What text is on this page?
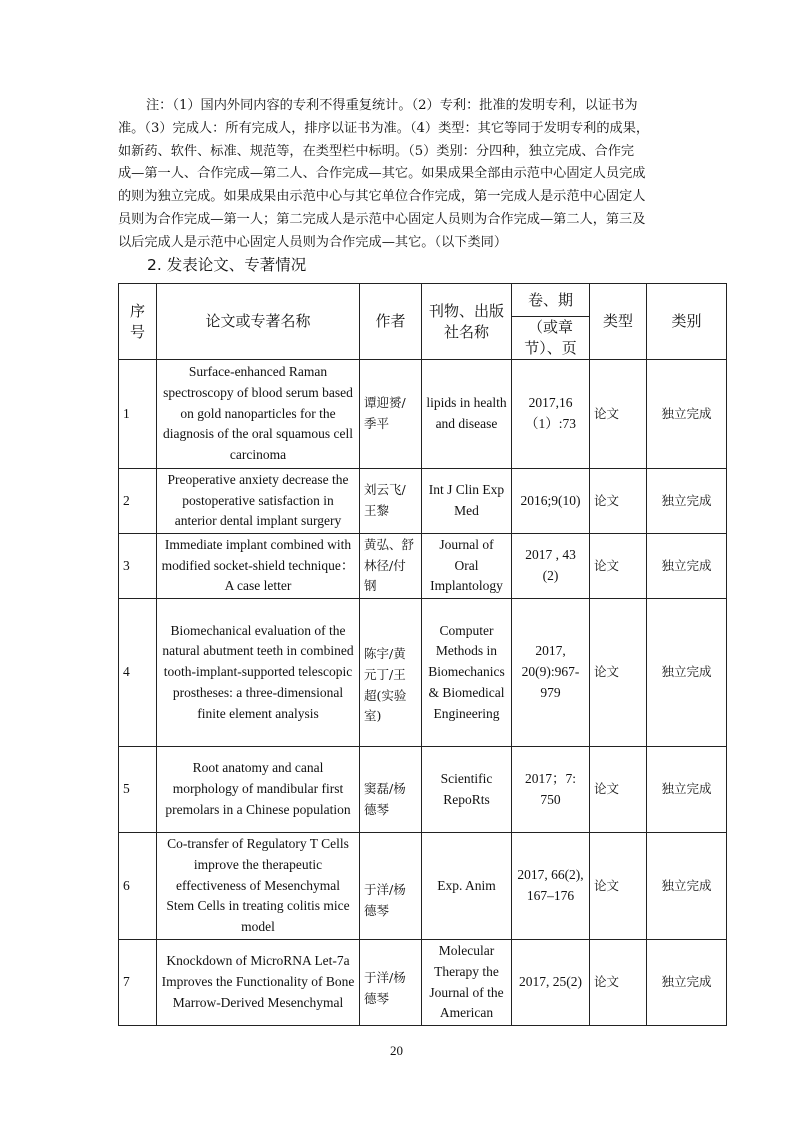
注：（1）国内外同内容的专利不得重复统计。（2）专利：批准的发明专利，以证书为

准。（3）完成人：所有完成人，排序以证书为准。（4）类型：其它等同于发明专利的成果，

如新药、软件、标准、规范等，在类型栏中标明。（5）类别：分四种，独立完成、合作完

成—第一人、合作完成—第二人、合作完成—其它。如果成果全部由示范中心固定人员完成

的则为独立完成。如果成果由示范中心与其它单位合作完成，第一完成人是示范中心固定人

员则为合作完成—第一人；第二完成人是示范中心固定人员则为合作完成—第二人，第三及

以后完成人是示范中心固定人员则为合作完成—其它。（以下类同）

2. 发表论文、专著情况
序号	论文或专著名称	作者	刊物、出版社名称	卷、期	类型	类别
				（或章节）、页		
1	Surface-enhanced Raman spectroscopy of blood serum based on gold nanoparticles for the diagnosis of the oral squamous cell carcinoma	谭迎赟/季平	lipids in health and disease	2017,16（1）:73	论文	独立完成
2	Preoperative anxiety decrease the postoperative satisfaction in anterior dental implant surgery	刘云飞/王黎	Int J Clin Exp Med	2016;9(10)	论文	独立完成
3	Immediate implant combined with modified socket-shield technique：A case letter	黄弘、舒林径/付钢	Journal of Oral Implantology	2017 , 43 (2)	论文	独立完成
4	Biomechanical evaluation of the natural abutment teeth in combined tooth-implant-supported telescopic prostheses: a three-dimensional finite element analysis	陈宇/黄元丁/王超(实验室)	Computer Methods in Biomechanics & Biomedical Engineering	2017, 20(9):967-979	论文	独立完成
5	Root anatomy and canal morphology of mandibular first premolars in a Chinese population	窦磊/杨德琴	Scientific RepoRts	2017；7: 750	论文	独立完成
6	Co-transfer of Regulatory T Cells improve the therapeutic effectiveness of Mesenchymal Stem Cells in treating colitis mice model	于洋/杨德琴	Exp. Anim	2017, 66(2), 167–176	论文	独立完成
7	Knockdown of MicroRNA Let-7a Improves the Functionality of Bone Marrow-Derived Mesenchymal	于洋/杨德琴	Molecular Therapy the Journal of the American	2017, 25(2)	论文	独立完成
20
